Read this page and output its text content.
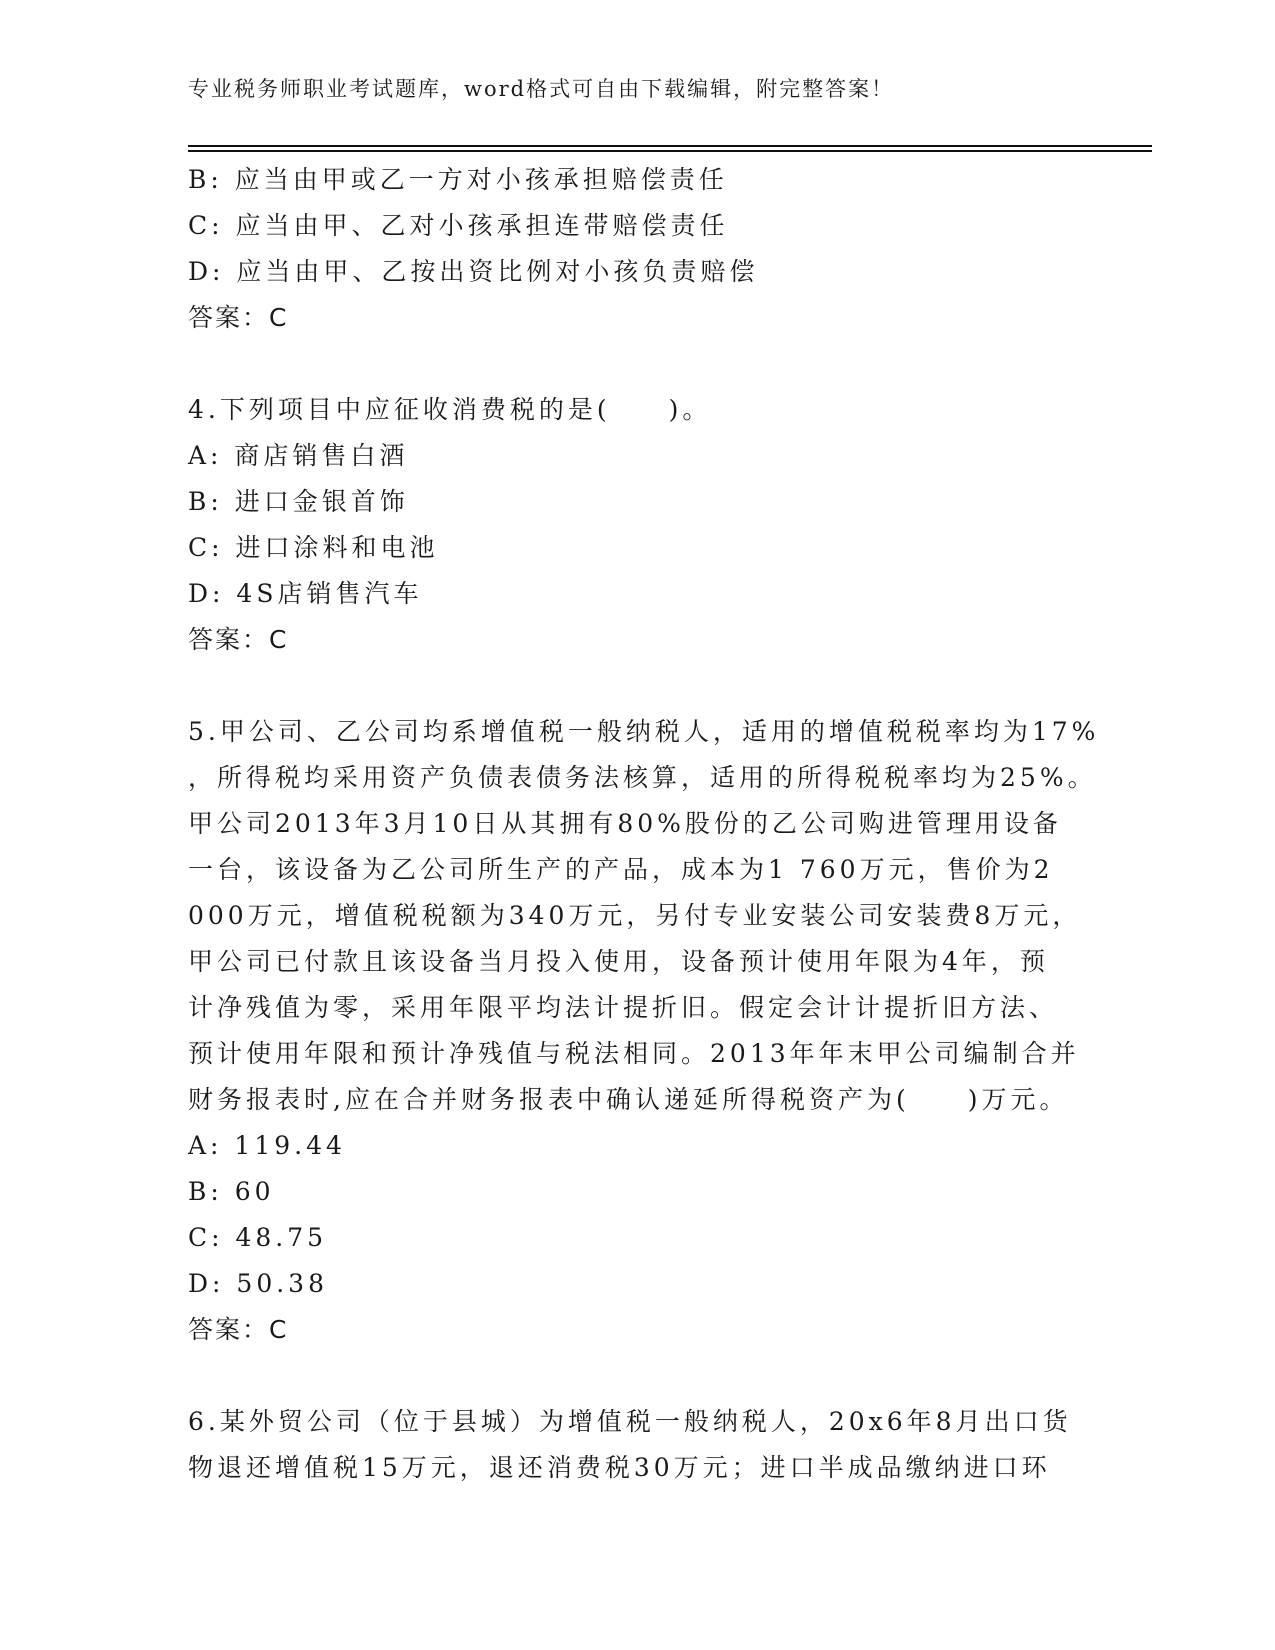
专业税务师职业考试题库，word格式可自由下载编辑，附完整答案！
B: 应当由甲或乙一方对小孩承担赔偿责任
C: 应当由甲、乙对小孩承担连带赔偿责任
D: 应当由甲、乙按出资比例对小孩负责赔偿
答案：C
4.下列项目中应征收消费税的是(　　)。
A: 商店销售白酒
B: 进口金银首饰
C: 进口涂料和电池
D: 4S店销售汽车
答案：C
5.甲公司、乙公司均系增值税一般纳税人，适用的增值税税率均为17%
，所得税均采用资产负债表债务法核算，适用的所得税税率均为25%。
甲公司2013年3月10日从其拥有80%股份的乙公司购进管理用设备
一台，该设备为乙公司所生产的产品，成本为1 760万元，售价为2
000万元，增值税税额为340万元，另付专业安装公司安装费8万元，
甲公司已付款且该设备当月投入使用，设备预计使用年限为4年，预
计净残值为零，采用年限平均法计提折旧。假定会计计提折旧方法、
预计使用年限和预计净残值与税法相同。2013年年末甲公司编制合并
财务报表时,应在合并财务报表中确认递延所得税资产为(　　)万元。
A: 119.44
B: 60
C: 48.75
D: 50.38
答案：C
6.某外贸公司（位于县城）为增值税一般纳税人，20x6年8月出口货
物退还增值税15万元，退还消费税30万元；进口半成品缴纳进口环
